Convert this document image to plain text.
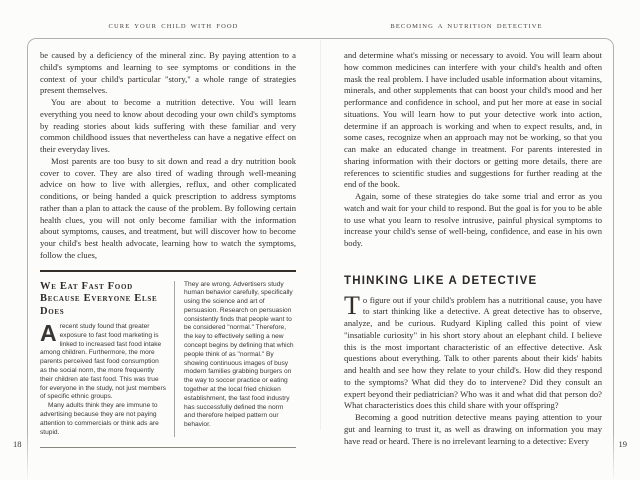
CURE YOUR CHILD WITH FOOD	BECOMING A NUTRITION DETECTIVE

be caused by a deficiency of the mineral zinc. By paying attention to a child's symptoms and learning to see symptoms or conditions in the context of your child's particular "story," a whole range of strategies present themselves.

You are about to become a nutrition detective. You will learn everything you need to know about decoding your own child's symptoms by reading stories about kids suffering with these familiar and very common childhood issues that nevertheless can have a negative effect on their everyday lives.

Most parents are too busy to sit down and read a dry nutrition book cover to cover. They are also tired of wading through well-meaning advice on how to live with allergies, reflux, and other complicated conditions, or being handed a quick prescription to address symptoms rather than a plan to attack the cause of the problem. By following certain health clues, you will not only become familiar with the information about symptoms, causes, and treatment, but will discover how to become your child's best health advocate, learning how to watch the symptoms, follow the clues,

We Eat Fast Food Because Everyone Else Does

Arecent study found that greater exposure to fast food marketing is linked to increased fast food intake among children. Furthermore, the more parents perceived fast food consumption as the social norm, the more frequently their children ate fast food. This was true for everyone in the study, not just members of specific ethnic groups.

Many adults think they are immune to advertising because they are not paying attention to commercials or think ads are stupid.

They are wrong. Advertisers study human behavior carefully, specifically using the science and art of persuasion. Research on persuasion consistently finds that people want to be considered "normal." Therefore, the key to effectively selling a new concept begins by defining that which people think of as "normal." By showing continuous images of busy modern families grabbing burgers on the way to soccer practice or eating together at the local fried chicken establishment, the fast food industry has successfully defined the norm and therefore helped pattern our behavior.

and determine what's missing or necessary to avoid. You will learn about how common medicines can interfere with your child's health and often mask the real problem. I have included usable information about vitamins, minerals, and other supplements that can boost your child's mood and her performance and confidence in school, and put her more at ease in social situations. You will learn how to put your detective work into action, determine if an approach is working and when to expect results, and, in some cases, recognize when an approach may not be working, so that you can make an educated change in treatment. For parents interested in sharing information with their doctors or getting more details, there are references to scientific studies and suggestions for further reading at the end of the book.

Again, some of these strategies do take some trial and error as you watch and wait for your child to respond. But the goal is for you to be able to use what you learn to resolve intrusive, painful physical symptoms to increase your child's sense of well-being, confidence, and ease in his own body.

THINKING LIKE A DETECTIVE

To figure out if your child's problem has a nutritional cause, you have to start thinking like a detective. A great detective has to observe, analyze, and be curious. Rudyard Kipling called this point of view "insatiable curiosity" in his short story about an elephant child. I believe this is the most important characteristic of an effective detective. Ask questions about everything. Talk to other parents about their kids' habits and health and see how they relate to your child's. How did they respond to the symptoms? What did they do to intervene? Did they consult an expert beyond their pediatrician? Who was it and what did that person do? What characteristics does this child share with your offspring?

Becoming a good nutrition detective means paying attention to your gut and learning to trust it, as well as drawing on information you may have read or heard. There is no irrelevant learning to a detective: Every

18	19
